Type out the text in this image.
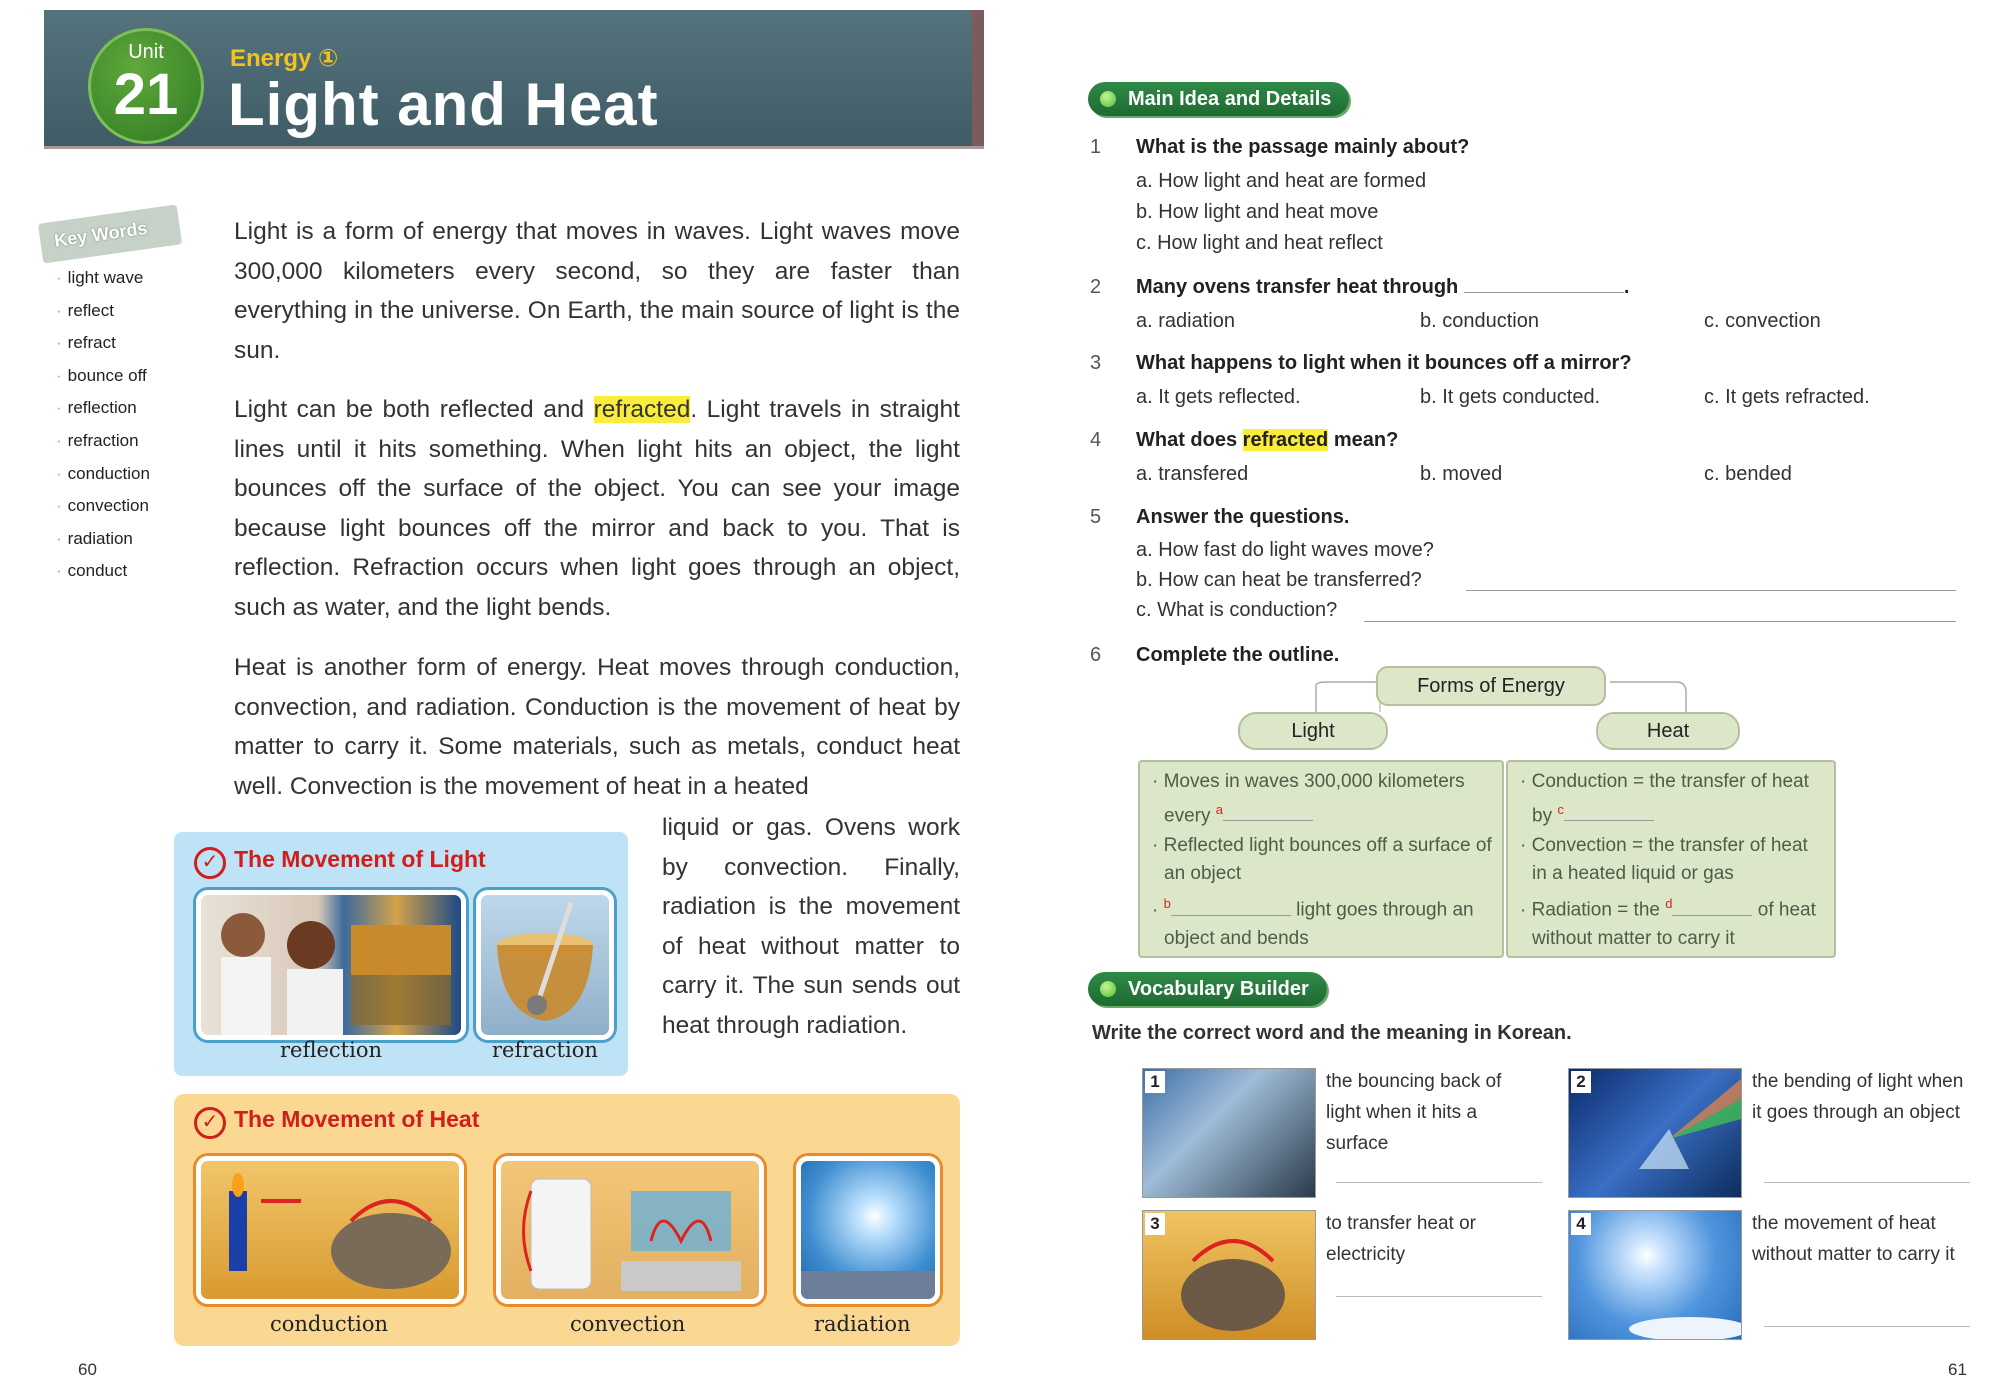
Unit
21
Energy ①
Light and Heat
Key Words
· light wave
· reflect
· refract
· bounce off
· reflection
· refraction
· conduction
· convection
· radiation
· conduct
Light is a form of energy that moves in waves. Light waves move 300,000 kilometers every second, so they are faster than everything in the universe. On Earth, the main source of light is the sun.
Light can be both reflected and refracted. Light travels in straight lines until it hits something. When light hits an object, the light bounces off the surface of the object. You can see your image because light bounces off the mirror and back to you. That is reflection. Refraction occurs when light goes through an object, such as water, and the light bends.
Heat is another form of energy. Heat moves through conduction, convection, and radiation. Conduction is the movement of heat by matter to carry it. Some materials, such as metals, conduct heat well. Convection is the movement of heat in a heated
liquid or gas. Ovens work by convection. Finally, radiation is the movement of heat without matter to carry it. The sun sends out heat through radiation.
✓ The Movement of Light
reflection	refraction
✓ The Movement of Heat
conduction	convection	radiation
60
Main Idea and Details
1 What is the passage mainly about?
a. How light and heat are formed
b. How light and heat move
c. How light and heat reflect
2 Many ovens transfer heat through	.
a. radiation	b. conduction	c. convection
3 What happens to light when it bounces off a mirror?
a. It gets reflected.	b. It gets conducted.	c. It gets refracted.
4 What does refracted mean?
a. transfered	b. moved	c. bended
5 Answer the questions.
a. How fast do light waves move?
b. How can heat be transferred?
c. What is conduction?
6 Complete the outline.
Forms of Energy
Light	Heat

· Moves in waves 300,000 kilometers every $^a$

· Reflected light bounces off a surface of an object

· $^b$	light goes through an object and bends

· Conduction = the transfer of heat by $^c$

· Convection = the transfer of heat in a heated liquid or gas

· Radiation = the $^d$	of heat without matter to carry it

Vocabulary Builder
Write the correct word and the meaning in Korean.
1	the bouncing back of light when it hits a surface
2	the bending of light when it goes through an object
3	to transfer heat or electricity
4	the movement of heat without matter to carry it
61
